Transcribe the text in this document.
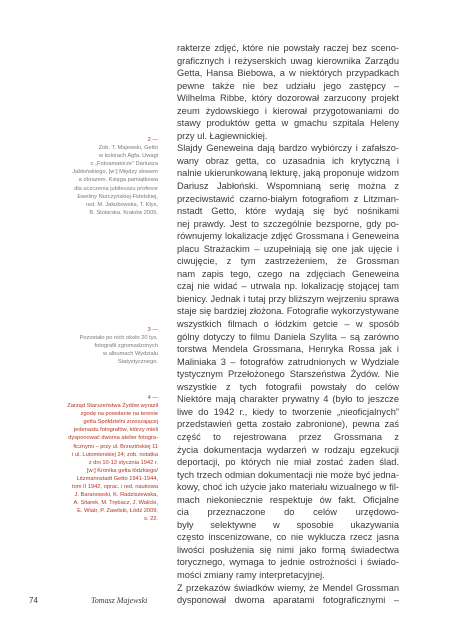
2 —
Zob. T. Majewski, Getto
w kolorach Agfa. Uwagi
o „Fotoamatorze” Dariusza
Jabłońskiego, [w:] Między słowem
a obrazem. Księga pamiątkowa
dla uczczenia jubileuszu profesor
Eweliny Nurczyńskiej-Fidelskiej,
red. M. Jakubowska, T. Kłys,
B. Stolarska. Kraków 2005.
3 —
Pozostało po nich około 20 tys.
fotografii zgromadzonych
w albumach Wydziału
Statystycznego.
4 —
Zarząd Starszeństwa Żydów wyraził
zgodę na powołanie na terenie
getta Spółdzielni zrzeszającej
jedenastu fotografów, którzy mieli
dysponować dwoma atelier fotogra-
ficznymi – przy ul. Brzezińskiej 11
i ul. Lutomierskiej 24; zob. notatka
z dni 10-13 stycznia 1942 r.
[w:] Kronika getta łódzkiego/
Litzmannstadt Getto 1941-1944,
tom II 1942, oprac. i red. naukowa
J. Baranowski, K. Radziszewska,
A. Sitarek, M. Trębacz, J. Walicki,
E. Wiatr, P. Zawilski, Łódź 2009,
s. 22.
rakterze zdjęć, które nie powstały raczej bez sceno-
graficznych i reżyserskich uwag kierownika Zarządu
Getta, Hansa Biebowa, a w niektórych przypadkach
pewne także nie bez udziału jego zastępcy –
Wilhelma Ribbe, który dozorował zarzucony projekt
zeum żydowskiego i kierował przygotowaniami do
stawy produktów getta w gmachu szpitala Heleny
przy ul. Łagiewnickiej.
Slajdy Geneweina dają bardzo wybiórczy i zafałszo-
wany obraz getta, co uzasadnia ich krytyczną i
nalnie ukierunkowaną lekturę, jaką proponuje widzom
Dariusz Jabłoński. Wspomnianą serię można z
przeciwstawić czarno-białym fotografiom z Litzman-
nstadt Getto, które wydają się być nośnikami
nej prawdy. Jest to szczególnie bezsporne, gdy po-
równujemy lokalizacje zdjęć Grossmana i Geneweina
placu Strażackim – uzupełniają się one jak ujęcie i
ciwujęcie, z tym zastrzeżeniem, że Grossman
nam zapis tego, czego na zdjęciach Geneweina
czaj nie widać – utrwala np. lokalizację stojącej tam
bienicy. Jednak i tutaj przy bliższym wejrzeniu sprawa
staje się bardziej złożona. Fotografie wykorzystywane
wszystkich filmach o łódzkim getcie – w sposób
gólny dotyczy to filmu Daniela Szylita – są zarówno
torstwa Mendela Grossmana, Henryka Rossa jak i
Maliniaka 3 – fotografów zatrudnionych w Wydziale
tystycznym Przełożonego Starszeństwa Żydów. Nie
wszystkie z tych fotografii powstały do celów
Niektóre mają charakter prywatny 4 (było to jeszcze
liwe do 1942 r., kiedy to tworzenie „nieoficjalnych”
przedstawień getta zostało zabronione), pewna zaś
część to rejestrowana przez Grossmana z
życia dokumentacja wydarzeń w rodzaju egzekucji
deportacji, po których nie miał zostać żaden ślad.
tych trzech odmian dokumentacji nie może być jedna-
kowy, choć ich użycie jako materiału wizualnego w fil-
mach niekoniecznie respektuje ów fakt. Oficjalne
cia przeznaczone do celów urzędowo-
były selektywne w sposobie ukazywania
często inscenizowane, co nie wyklucza rzecz jasna
liwości posłużenia się nimi jako formą świadectwa
torycznego, wymaga to jednie ostrożności i świado-
mości zmiany ramy interpretacyjnej.
Z przekazów świadków wiemy, że Mendel Grossman
dysponował dwoma aparatami fotograficznymi –
74	Tomasz Majewski
